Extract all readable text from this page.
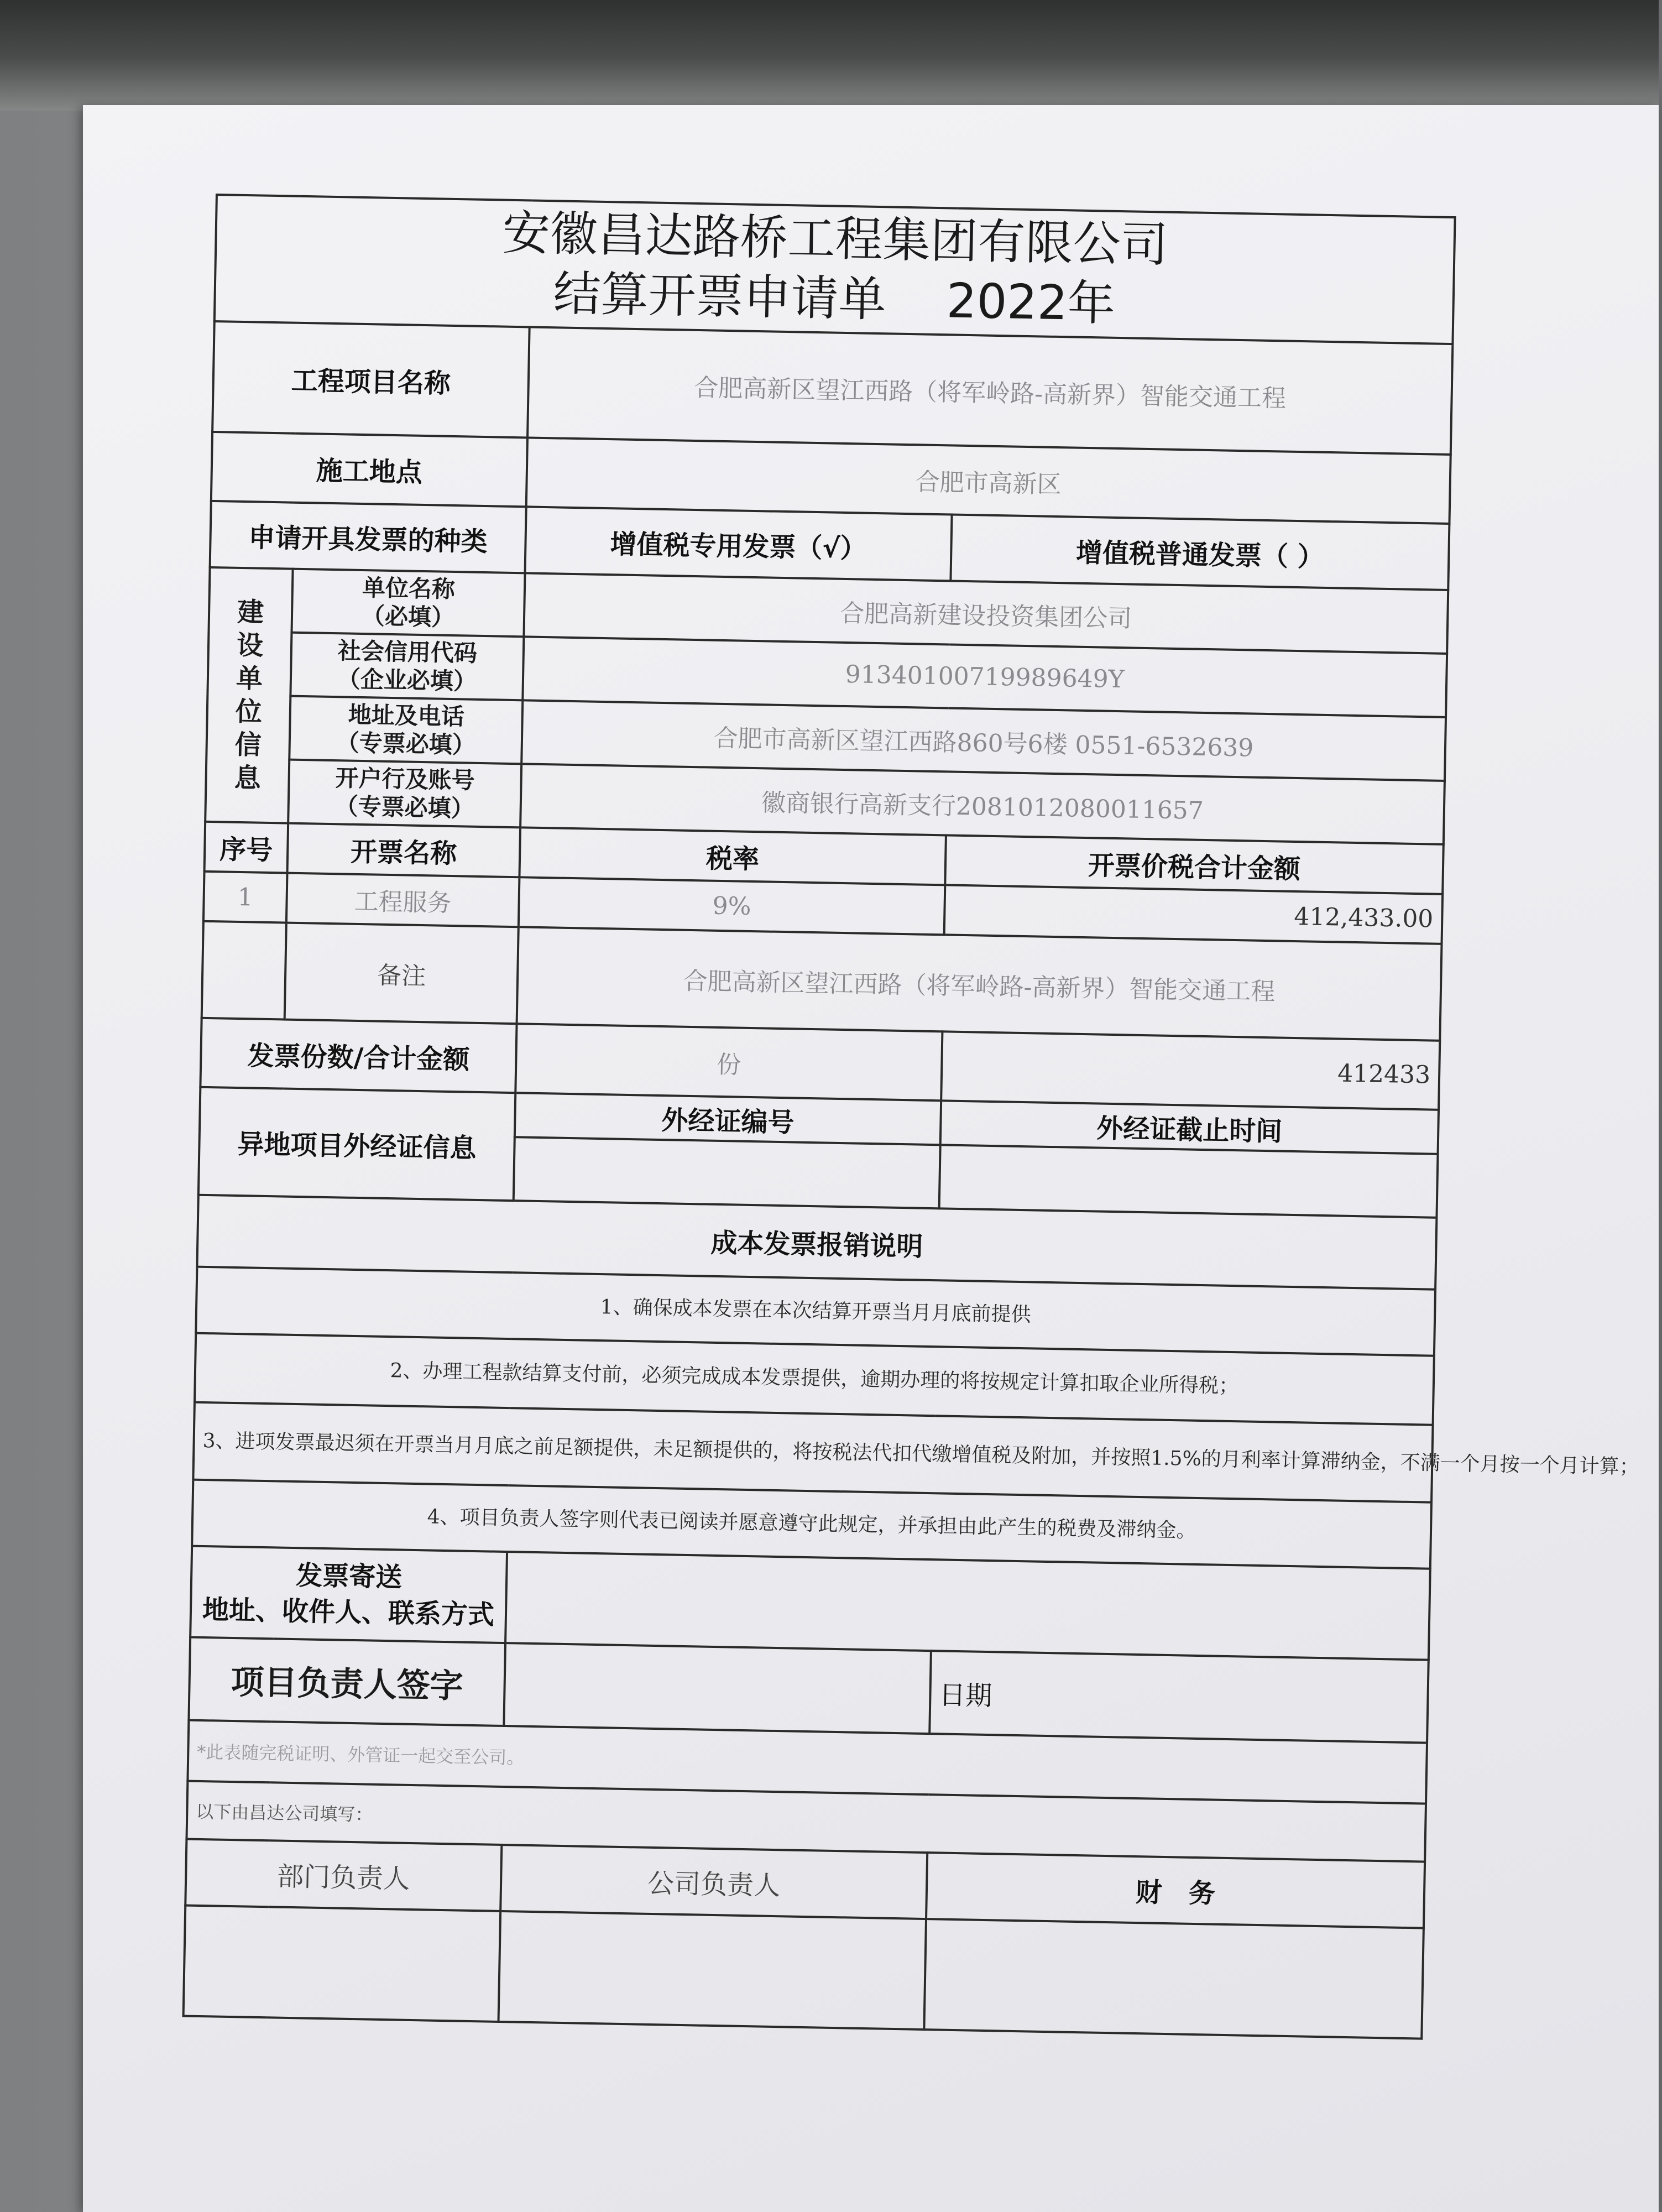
安徽昌达路桥工程集团有限公司
结算开票申请单 2022年			

工程项目名称		合肥高新区望江西路（将军岭路-高新界）智能交通工程	
施工地点		合肥市高新区	
申请开具发票的种类		增值税专用发票（√）	增值税普通发票（ ）
建设单位信息	单位名称
（必填）	合肥高新建设投资集团公司	
	社会信用代码
（企业必填）	91340100719989649Y	
	地址及电话
（专票必填）	合肥市高新区望江西路860号6楼 0551-6532639	
	开户行及账号
（专票必填）	徽商银行高新支行2081012080011657	
序号	开票名称	税率	开票价税合计金额
1	工程服务	9%	412,433.00
	备注	合肥高新区望江西路（将军岭路-高新界）智能交通工程	
发票份数/合计金额		份	412433
异地项目外经证信息		外经证编号	外经证截止时间

成本发票报销说明			
1、确保成本发票在本次结算开票当月月底前提供			
2、办理工程款结算支付前，必须完成成本发票提供，逾期办理的将按规定计算扣取企业所得税；			
3、进项发票最迟须在开票当月月底之前足额提供，未足额提供的，将按税法代扣代缴增值税及附加，并按照1.5%的月利率计算滞纳金，不满一个月按一个月计算；			
4、项目负责人签字则代表已阅读并愿意遵守此规定，并承担由此产生的税费及滞纳金。			

发票寄送
地址、收件人、联系方式			

项目负责人签字			日期
*此表随完税证明、外管证一起交至公司。			
以下由昌达公司填写：			
部门负责人		公司负责人	财　务
